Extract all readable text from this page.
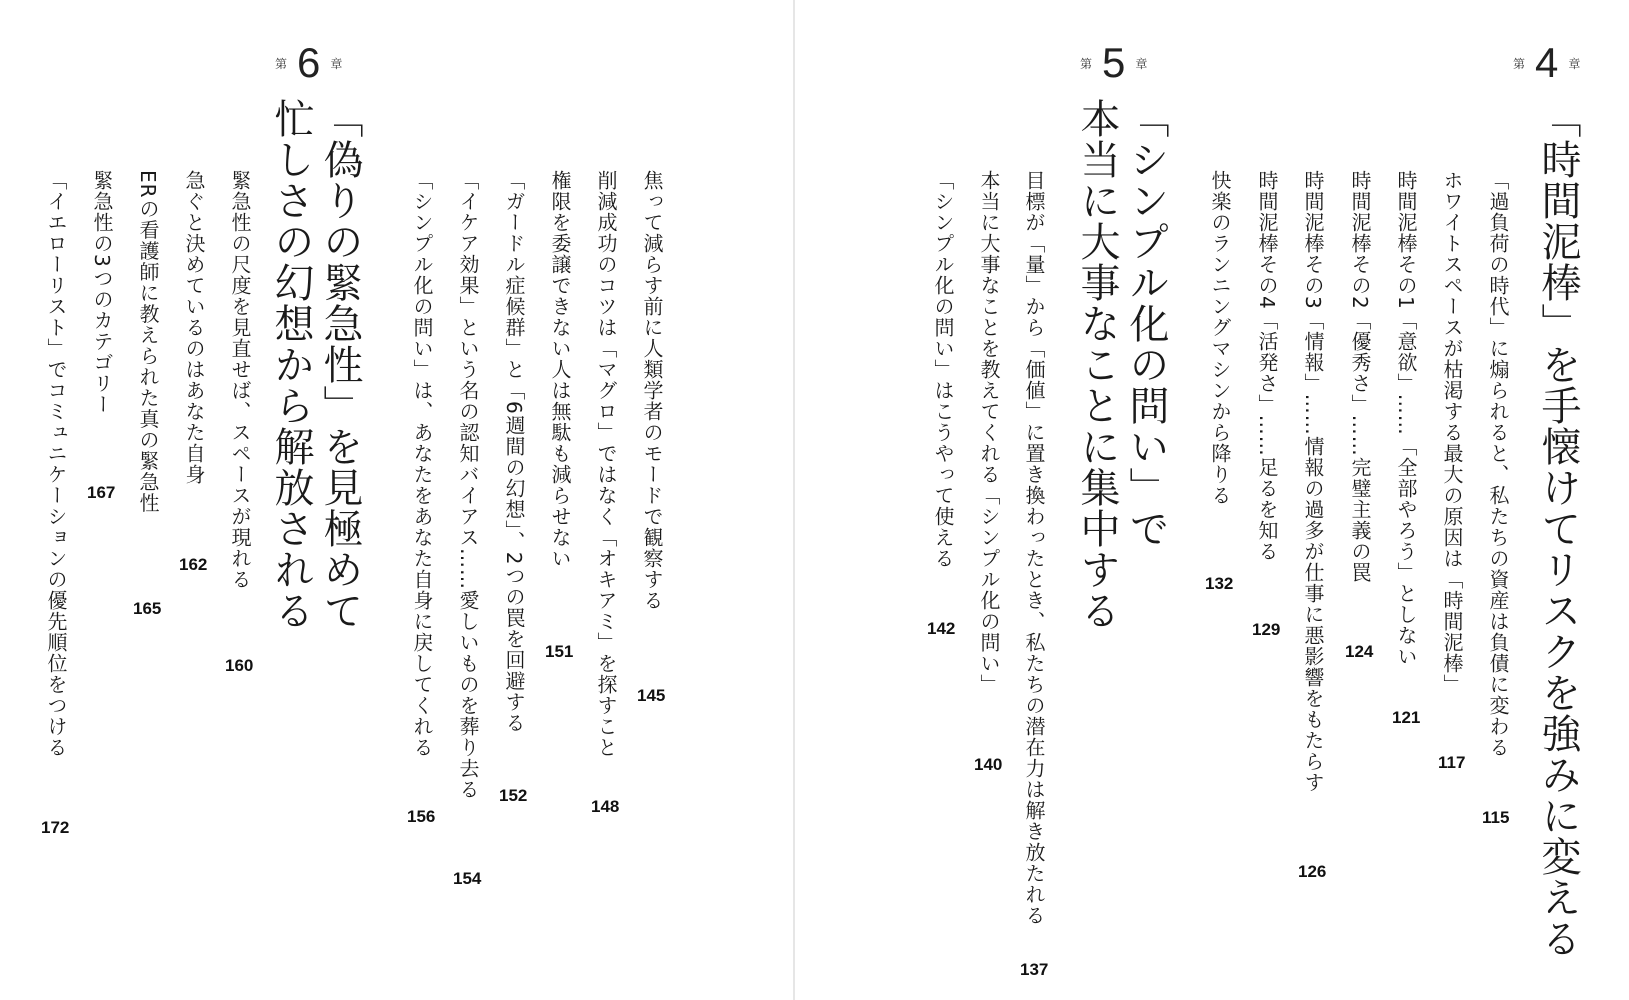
第 4 章
「時間泥棒」を手懐けてリスクを強みに変える
「過負荷の時代」に煽られると、私たちの資産は負債に変わる
115
ホワイトスペースが枯渇する最大の原因は「時間泥棒」
117
時間泥棒その1「意欲」……「全部やろう」としない
121
時間泥棒その2「優秀さ」……完璧主義の罠
124
時間泥棒その3「情報」……情報の過多が仕事に悪影響をもたらす
126
時間泥棒その4「活発さ」……足るを知る
129
快楽のランニングマシンから降りる
132
第 5 章
「シンプル化の問い」で
本当に大事なことに集中する
目標が「量」から「価値」に置き換わったとき、私たちの潜在力は解き放たれる
137
本当に大事なことを教えてくれる「シンプル化の問い」
140
「シンプル化の問い」はこうやって使える
142
第 6 章
「偽りの緊急性」を見極めて
忙しさの幻想から解放される	焦って減らす前に人類学者のモードで観察する
145
削減成功のコツは「マグロ」ではなく「オキアミ」を探すこと
148
権限を委譲できない人は無駄も減らせない
151
「ガードル症候群」と「6週間の幻想」、2つの罠を回避する
152
「イケア効果」という名の認知バイアス……愛しいものを葬り去る
154
「シンプル化の問い」は、あなたをあなた自身に戻してくれる
156
緊急性の尺度を見直せば、スペースが現れる
160
急ぐと決めているのはあなた自身
162
ERの看護師に教えられた真の緊急性
165
緊急性の3つのカテゴリー
167
「イエローリスト」でコミュニケーションの優先順位をつける
172
